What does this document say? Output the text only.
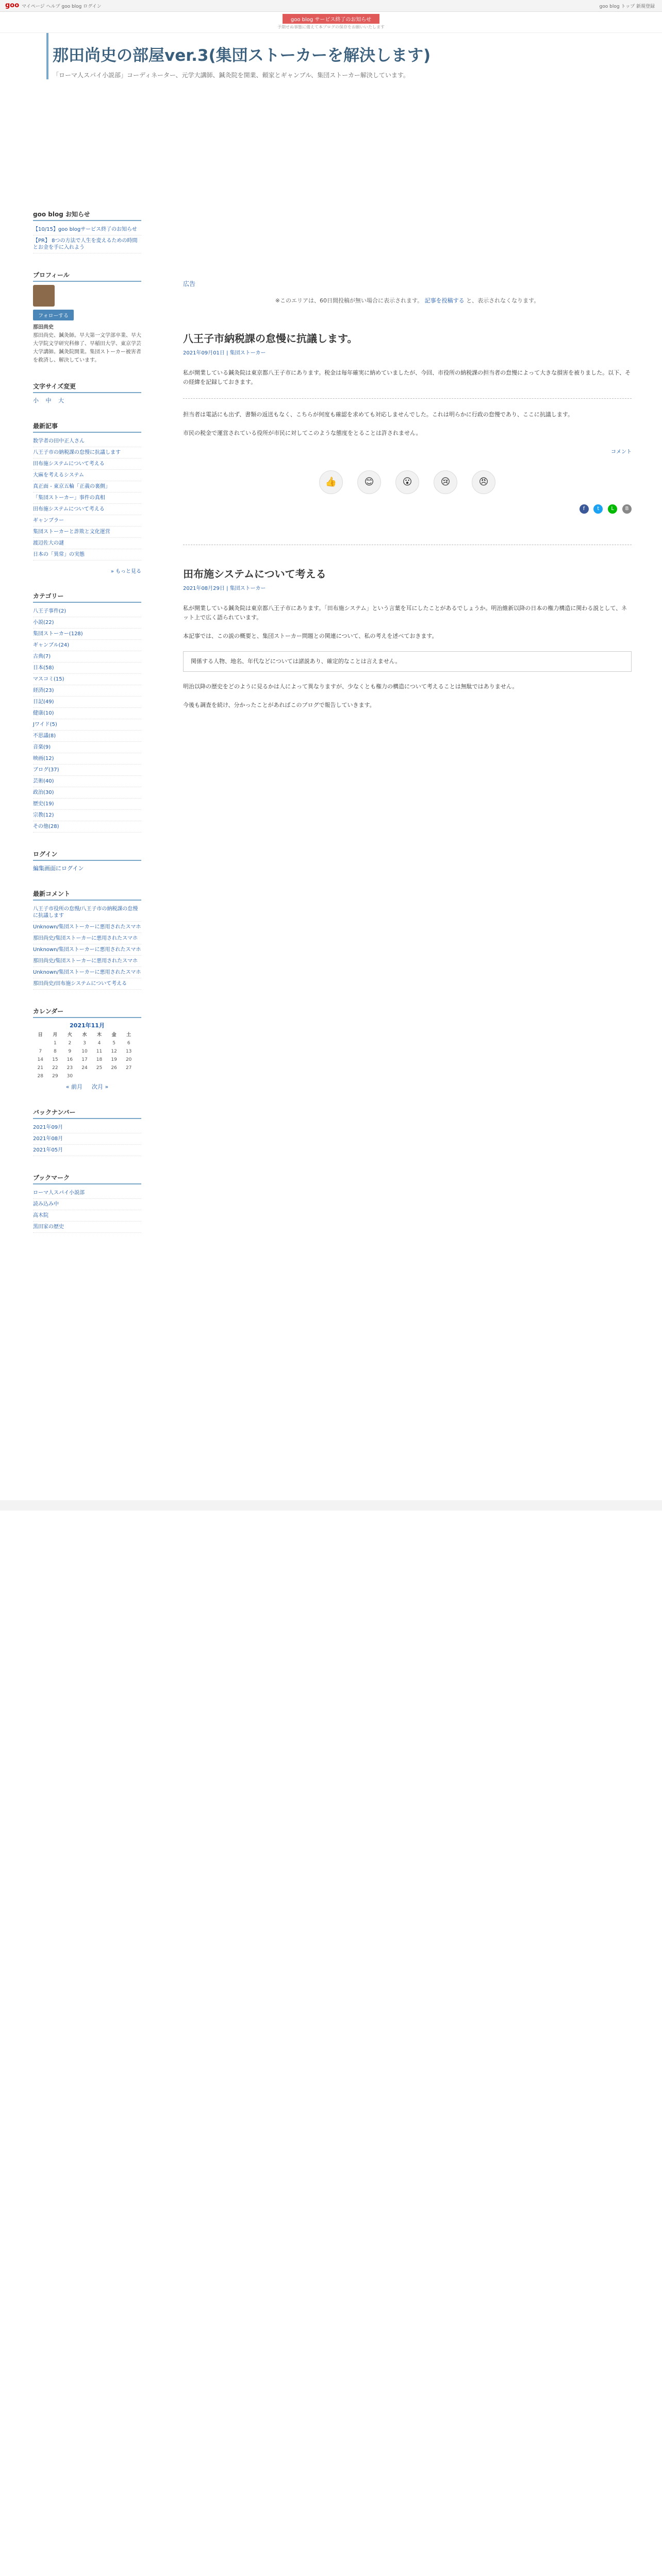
goo マイページ ヘルプ goo blog ログイン	goo blog トップ 新規登録
goo blog サービス終了のお知らせ
予期せぬ事態に備えて本プログの保存をお願いいたします
那田尚史の部屋ver.3(集団ストーカーを解決します)
「ローマ人スパイ小説部」コーディネーター、元学大講師、鍼灸院を開業、頼家とギャンブル、集団ストーカー解決しています。
goo blog お知らせ
【10/15】goo blogサービス終了のお知らせ
【PR】 8つの方法で人生を変えるための時間とお金を手に入れよう
プロフィール
フォローする
那田尚史
那田尚史、鍼灸師。早大第一文学部卒業、早大大学院文学研究科修了、早稲田大学、東京学芸大学講師。鍼灸院開業。集団ストーカー被害者を救済し、解決しています。
文字サイズ変更
小 中 大
最新記事
数学者の田中正人さん
八王子市の納税課の怠慢に抗議します
田布施システムについて考える
大麻を考えるシステム
真正面 - 東京五輪「正義の裏側」
「集団ストーカー」事件の真相
田布施システムについて考える
ギャンブラー
集団ストーカーと詐欺と文化運営
渡辺佐大の謎
日本の「異常」の実態
» もっと見る
カテゴリー
八王子事件(2)
小説(22)
集団ストーカー(128)
ギャンブル(24)
古典(7)
日本(58)
マスコミ(15)
経済(23)
日記(49)
健康(10)
Jワイド(5)
不思議(8)
音楽(9)
映画(12)
ブログ(37)
芸術(40)
政治(30)
歴史(19)
宗教(12)
その他(28)
ログイン
編集画面にログイン
最新コメント
八王子市役所の怠慢/八王子市の納税課の怠慢に抗議します
Unknown/集団ストーカーに悪用されたスマホ
那田尚史/集団ストーカーに悪用されたスマホ
Unknown/集団ストーカーに悪用されたスマホ
那田尚史/集団ストーカーに悪用されたスマホ
Unknown/集団ストーカーに悪用されたスマホ
那田尚史/田布施システムについて考える
カレンダー
2021年11月
日	月	火	水	木	金	土
	1	2	3	4	5	6
7	8	9	10	11	12	13
14	15	16	17	18	19	20
21	22	23	24	25	26	27
28	29	30				
« 前月 　 次月 »
バックナンバー
2021年09月
2021年08月
2021年05月
ブックマーク
ローマ人スパイ小説部
読み込み中
高木院
黒田家の歴史
広告
※このエリアは、60日間投稿が無い場合に表示されます。 記事を投稿する と、表示されなくなります。
八王子市納税課の怠慢に抗議します。
2021年09月01日 | 集団ストーカー
私が開業している鍼灸院は東京都八王子市にあります。税金は毎年確実に納めていましたが、今回、市役所の納税課の担当者の怠慢によって大きな損害を被りました。以下、その経緯を記録しておきます。
担当者は電話にも出ず、書類の返送もなく、こちらが何度も確認を求めても対応しませんでした。これは明らかに行政の怠慢であり、ここに抗議します。
市民の税金で運営されている役所が市民に対してこのような態度をとることは許されません。
コメント
👍	😊	😮	😢	😠
f t L B
田布施システムについて考える
2021年08月29日 | 集団ストーカー
私が開業している鍼灸院は東京都八王子市にあります。「田布施システム」という言葉を耳にしたことがあるでしょうか。明治維新以降の日本の権力構造に関わる説として、ネット上で広く語られています。
本記事では、この説の概要と、集団ストーカー問題との関連について、私の考えを述べておきます。
関係する人物、地名、年代などについては諸説あり、確定的なことは言えません。
明治以降の歴史をどのように見るかは人によって異なりますが、少なくとも権力の構造について考えることは無駄ではありません。
今後も調査を続け、分かったことがあればこのブログで報告していきます。
